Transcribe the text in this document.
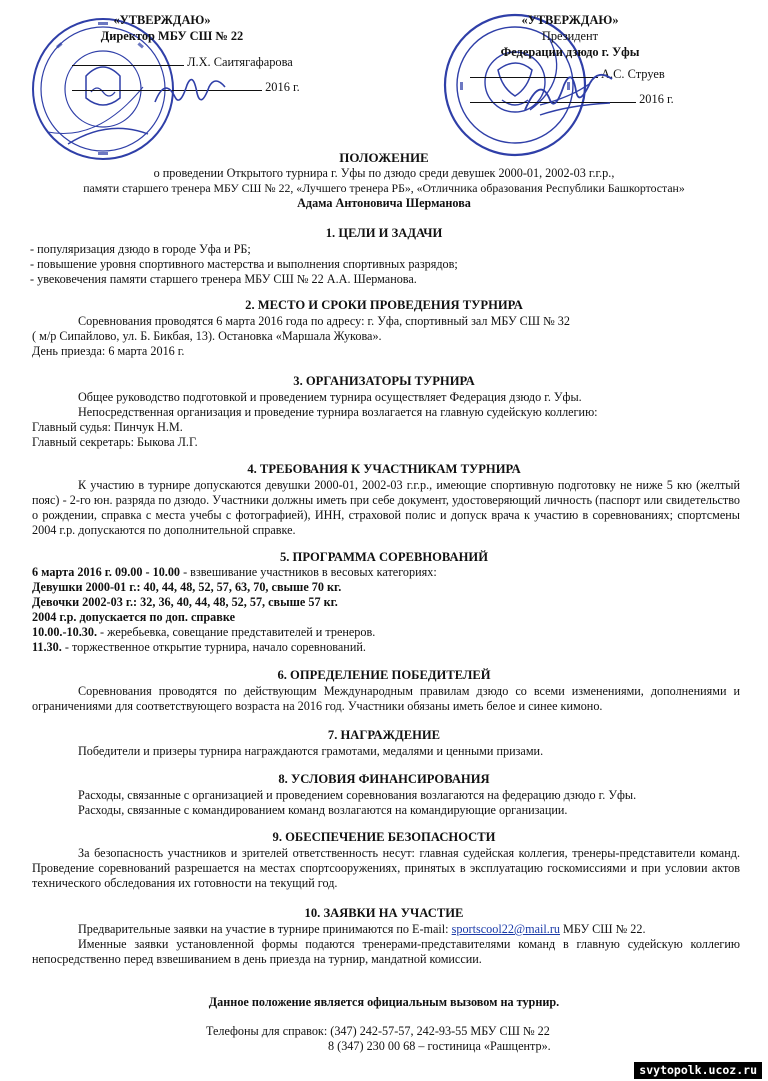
«УТВЕРЖДАЮ»
Директор МБУ СШ № 22
Л.Х. Саитягафарова
2016 г.
«УТВЕРЖДАЮ»
Президент
Федерации дзюдо г. Уфы
А.С. Струев
2016 г.
ПОЛОЖЕНИЕ
о проведении Открытого турнира г. Уфы по дзюдо среди девушек 2000-01, 2002-03 г.г.р.,
памяти старшего тренера МБУ СШ № 22, «Лучшего тренера РБ», «Отличника образования Республики Башкортостан»
Адама Антоновича Шерманова
1. ЦЕЛИ И ЗАДАЧИ

- популяризация дзюдо в городе Уфа и РБ;

- повышение уровня спортивного мастерства и выполнения спортивных разрядов;

- увековечения памяти старшего тренера МБУ СШ № 22 А.А. Шерманова.

2. МЕСТО И СРОКИ ПРОВЕДЕНИЯ ТУРНИРА

Соревнования проводятся 6 марта 2016 года по адресу: г. Уфа, спортивный зал МБУ СШ № 32

( м/р Сипайлово, ул. Б. Бикбая, 13). Остановка «Маршала Жукова».

День приезда: 6 марта 2016 г.

3. ОРГАНИЗАТОРЫ ТУРНИРА

Общее руководство подготовкой и проведением турнира осуществляет Федерация дзюдо г. Уфы.

Непосредственная организация и проведение турнира возлагается на главную судейскую коллегию:

Главный судья: Пинчук Н.М.

Главный секретарь: Быкова Л.Г.

4. ТРЕБОВАНИЯ К УЧАСТНИКАМ ТУРНИРА

К участию в турнире допускаются девушки 2000-01, 2002-03 г.г.р., имеющие спортивную подготовку не ниже 5 кю (желтый пояс) - 2-го юн. разряда по дзюдо. Участники должны иметь при себе документ, удостоверяющий личность (паспорт или свидетельство о рождении, справка с места учебы с фотографией), ИНН, страховой полис и допуск врача к участию в соревнованиях; спортсмены 2004 г.р. допускаются по дополнительной справке.

5. ПРОГРАММА СОРЕВНОВАНИЙ

6 марта 2016 г. 09.00 - 10.00 - взвешивание участников в весовых категориях:

Девушки 2000-01 г.: 40, 44, 48, 52, 57, 63, 70, свыше 70 кг.

Девочки 2002-03 г.: 32, 36, 40, 44, 48, 52, 57, свыше 57 кг.

2004 г.р. допускается по доп. справке

10.00.-10.30. - жеребьевка, совещание представителей и тренеров.

11.30. - торжественное открытие турнира, начало соревнований.

6. ОПРЕДЕЛЕНИЕ ПОБЕДИТЕЛЕЙ

Соревнования проводятся по действующим Международным правилам дзюдо со всеми изменениями, дополнениями и ограничениями для соответствующего возраста на 2016 год. Участники обязаны иметь белое и синее кимоно.

7. НАГРАЖДЕНИЕ

Победители и призеры турнира награждаются грамотами, медалями и ценными призами.

8. УСЛОВИЯ ФИНАНСИРОВАНИЯ

Расходы, связанные с организацией и проведением соревнования возлагаются на федерацию дзюдо г. Уфы.

Расходы, связанные с командированием команд возлагаются на командирующие организации.

9. ОБЕСПЕЧЕНИЕ БЕЗОПАСНОСТИ

За безопасность участников и зрителей ответственность несут: главная судейская коллегия, тренеры-представители команд. Проведение соревнований разрешается на местах спортсооружениях, принятых в эксплуатацию госкомиссиями и при условии актов технического обследования их готовности на текущий год.

10. ЗАЯВКИ НА УЧАСТИЕ

Предварительные заявки на участие в турнире принимаются по E-mail: sportscool22@mail.ru МБУ СШ № 22.

Именные заявки установленной формы подаются тренерами-представителями команд в главную судейскую коллегию непосредственно перед взвешиванием в день приезда на турнир, мандатной комиссии.

Данное положение является официальным вызовом на турнир.
Телефоны для справок: (347) 242-57-57, 242-93-55 МБУ СШ № 22
8 (347) 230 00 68 – гостиница «Рашцентр».
svytopolk.ucoz.ru
